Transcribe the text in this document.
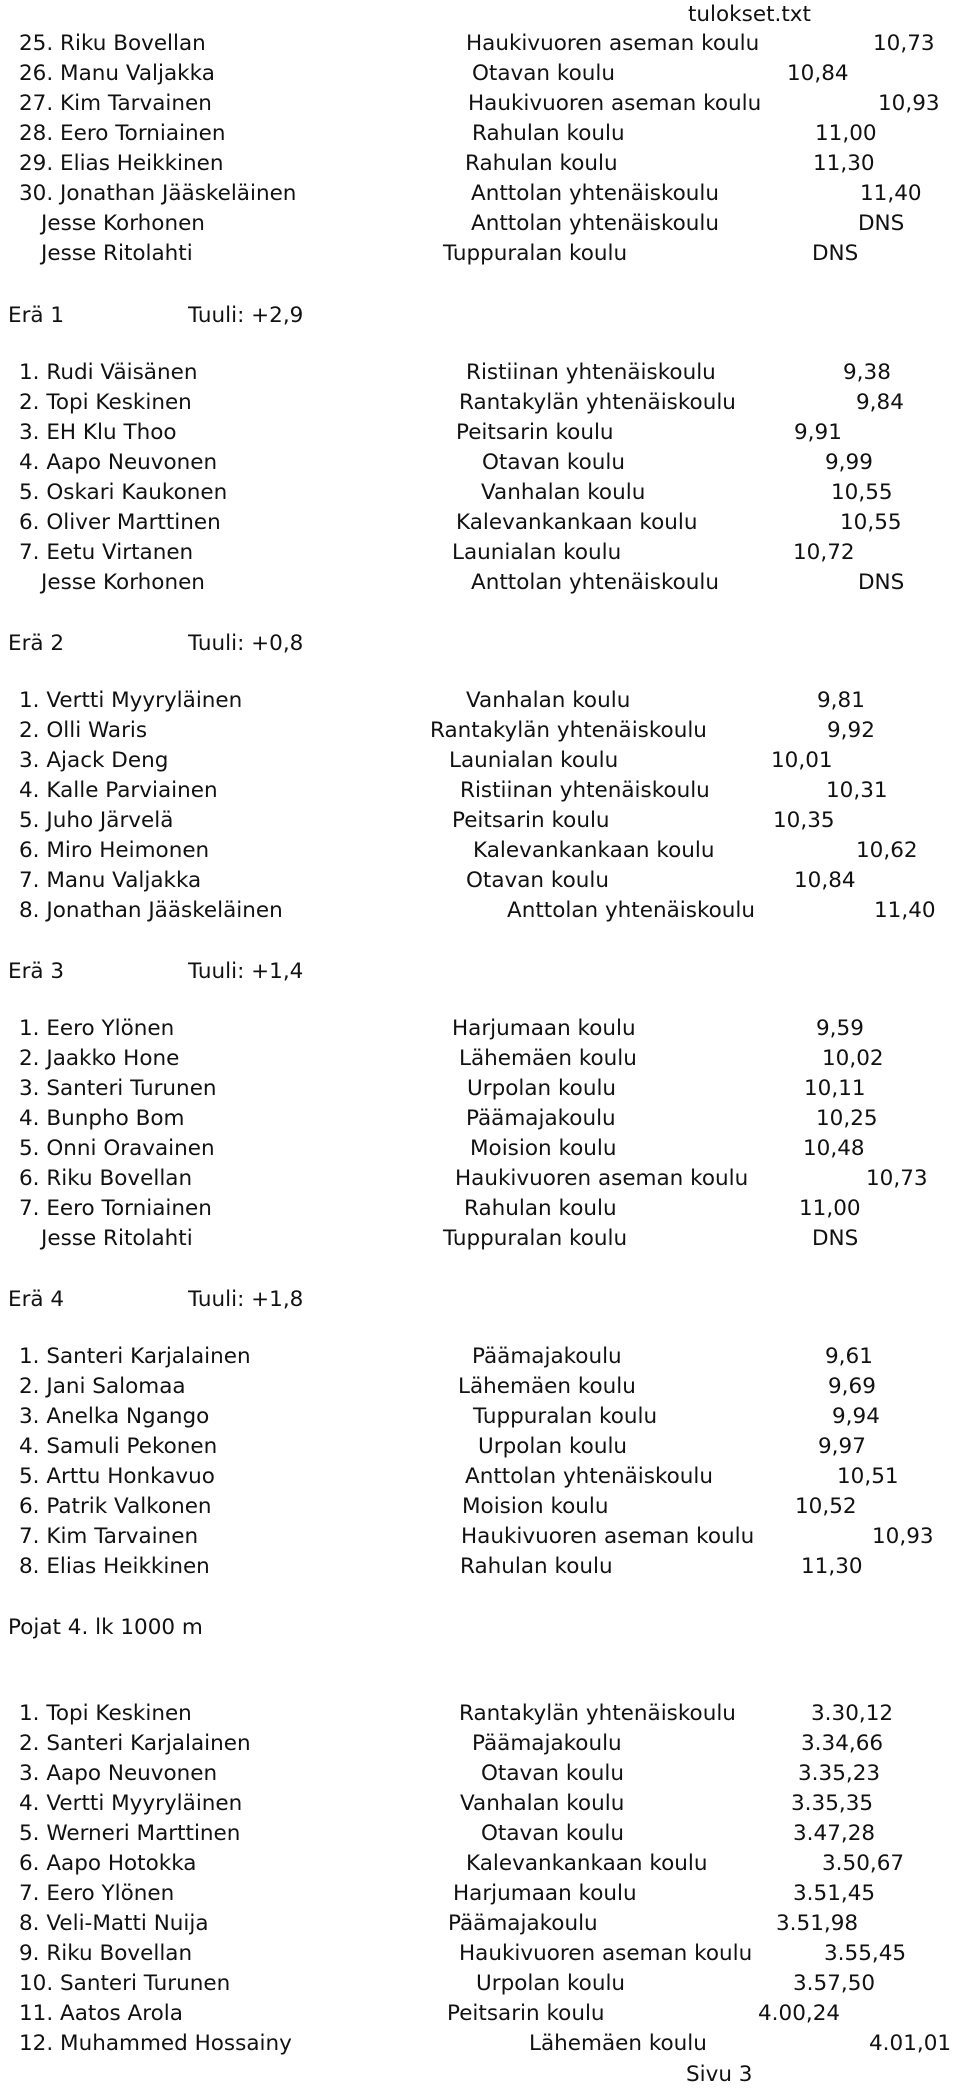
tulokset.txt
25. Riku Bovellan	Haukivuoren aseman koulu	10,73
26. Manu Valjakka	Otavan koulu	10,84
27. Kim Tarvainen	Haukivuoren aseman koulu	10,93
28. Eero Torniainen	Rahulan koulu	11,00
29. Elias Heikkinen	Rahulan koulu	11,30
30. Jonathan Jääskeläinen	Anttolan yhtenäiskoulu	11,40
Jesse Korhonen	Anttolan yhtenäiskoulu	DNS
Jesse Ritolahti	Tuppuralan koulu	DNS
Erä 1	Tuuli: +2,9
1. Rudi Väisänen	Ristiinan yhtenäiskoulu	9,38
2. Topi Keskinen	Rantakylän yhtenäiskoulu	9,84
3. EH Klu Thoo	Peitsarin koulu	9,91
4. Aapo Neuvonen	Otavan koulu	9,99
5. Oskari Kaukonen	Vanhalan koulu	10,55
6. Oliver Marttinen	Kalevankankaan koulu	10,55
7. Eetu Virtanen	Launialan koulu	10,72
Jesse Korhonen	Anttolan yhtenäiskoulu	DNS
Erä 2	Tuuli: +0,8
1. Vertti Myyryläinen	Vanhalan koulu	9,81
2. Olli Waris	Rantakylän yhtenäiskoulu	9,92
3. Ajack Deng	Launialan koulu	10,01
4. Kalle Parviainen	Ristiinan yhtenäiskoulu	10,31
5. Juho Järvelä	Peitsarin koulu	10,35
6. Miro Heimonen	Kalevankankaan koulu	10,62
7. Manu Valjakka	Otavan koulu	10,84
8. Jonathan Jääskeläinen	Anttolan yhtenäiskoulu	11,40
Erä 3	Tuuli: +1,4
1. Eero Ylönen	Harjumaan koulu	9,59
2. Jaakko Hone	Lähemäen koulu	10,02
3. Santeri Turunen	Urpolan koulu	10,11
4. Bunpho Bom	Päämajakoulu	10,25
5. Onni Oravainen	Moision koulu	10,48
6. Riku Bovellan	Haukivuoren aseman koulu	10,73
7. Eero Torniainen	Rahulan koulu	11,00
Jesse Ritolahti	Tuppuralan koulu	DNS
Erä 4	Tuuli: +1,8
1. Santeri Karjalainen	Päämajakoulu	9,61
2. Jani Salomaa	Lähemäen koulu	9,69
3. Anelka Ngango	Tuppuralan koulu	9,94
4. Samuli Pekonen	Urpolan koulu	9,97
5. Arttu Honkavuo	Anttolan yhtenäiskoulu	10,51
6. Patrik Valkonen	Moision koulu	10,52
7. Kim Tarvainen	Haukivuoren aseman koulu	10,93
8. Elias Heikkinen	Rahulan koulu	11,30
Pojat 4. lk 1000 m
1. Topi Keskinen	Rantakylän yhtenäiskoulu	3.30,12
2. Santeri Karjalainen	Päämajakoulu	3.34,66
3. Aapo Neuvonen	Otavan koulu	3.35,23
4. Vertti Myyryläinen	Vanhalan koulu	3.35,35
5. Werneri Marttinen	Otavan koulu	3.47,28
6. Aapo Hotokka	Kalevankankaan koulu	3.50,67
7. Eero Ylönen	Harjumaan koulu	3.51,45
8. Veli-Matti Nuija	Päämajakoulu	3.51,98
9. Riku Bovellan	Haukivuoren aseman koulu	3.55,45
10. Santeri Turunen	Urpolan koulu	3.57,50
11. Aatos Arola	Peitsarin koulu	4.00,24
12. Muhammed Hossainy	Lähemäen koulu	4.01,01
Sivu 3
